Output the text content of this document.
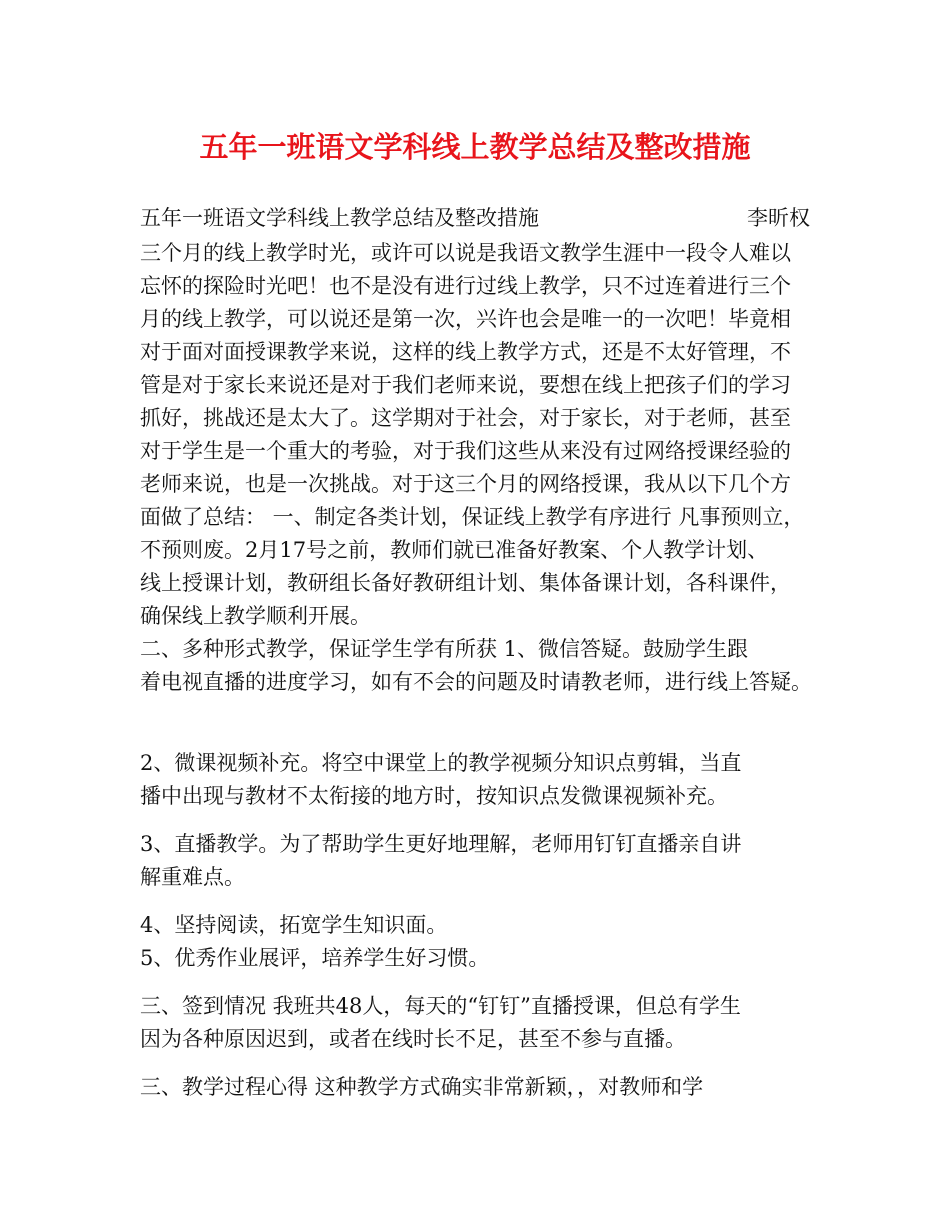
五年一班语文学科线上教学总结及整改措施
五年一班语文学科线上教学总结及整改措施	李昕权
三个月的线上教学时光，或许可以说是我语文教学生涯中一段令人难以
忘怀的探险时光吧！也不是没有进行过线上教学，只不过连着进行三个
月的线上教学，可以说还是第一次，兴许也会是唯一的一次吧！毕竟相
对于面对面授课教学来说，这样的线上教学方式，还是不太好管理，不
管是对于家长来说还是对于我们老师来说，要想在线上把孩子们的学习
抓好，挑战还是太大了。这学期对于社会，对于家长，对于老师，甚至
对于学生是一个重大的考验，对于我们这些从来没有过网络授课经验的
老师来说，也是一次挑战。对于这三个月的网络授课，我从以下几个方
面做了总结： 一、制定各类计划，保证线上教学有序进行 凡事预则立，
不预则废。2月17号之前，教师们就已准备好教案、个人教学计划、
线上授课计划，教研组长备好教研组计划、集体备课计划，各科课件，
确保线上教学顺利开展。
二、多种形式教学，保证学生学有所获 1、微信答疑。鼓励学生跟
着电视直播的进度学习，如有不会的问题及时请教老师，进行线上答疑。
2、微课视频补充。将空中课堂上的教学视频分知识点剪辑，当直
播中出现与教材不太衔接的地方时，按知识点发微课视频补充。
3、直播教学。为了帮助学生更好地理解，老师用钉钉直播亲自讲
解重难点。
4、坚持阅读，拓宽学生知识面。
5、优秀作业展评，培养学生好习惯。
三、签到情况 我班共48人，每天的“钉钉”直播授课，但总有学生
因为各种原因迟到，或者在线时长不足，甚至不参与直播。
三、教学过程心得 这种教学方式确实非常新颖，，对教师和学
